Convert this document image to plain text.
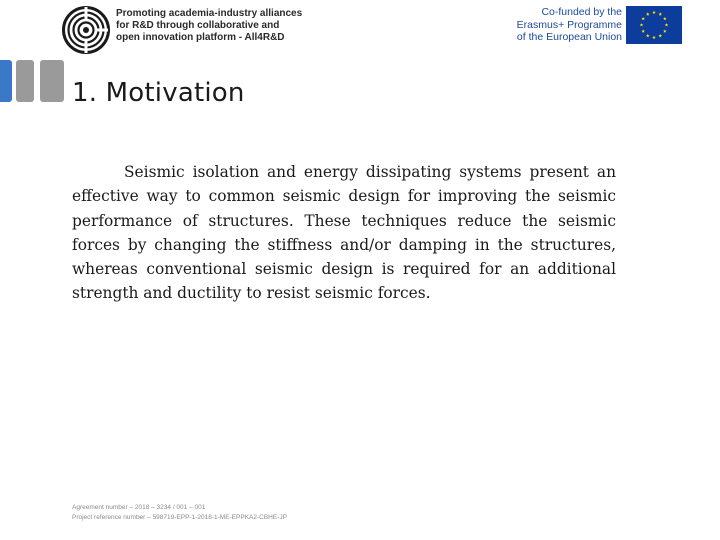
Promoting academia-industry alliances
for R&D through collaborative and
open innovation platform - All4R&D
Co-funded by the
Erasmus+ Programme
of the European Union
1. Motivation

Seismic isolation and energy dissipating systems present an effective way to common seismic design for improving the seismic performance of structures. These techniques reduce the seismic forces by changing the stiffness and/or damping in the structures, whereas conventional seismic design is required for an additional strength and ductility to resist seismic forces.

Agreement number – 2018 – 3234 / 001 – 001
Project reference number – 598719-EPP-1-2018-1-ME-EPPKA2-CBHE-JP
